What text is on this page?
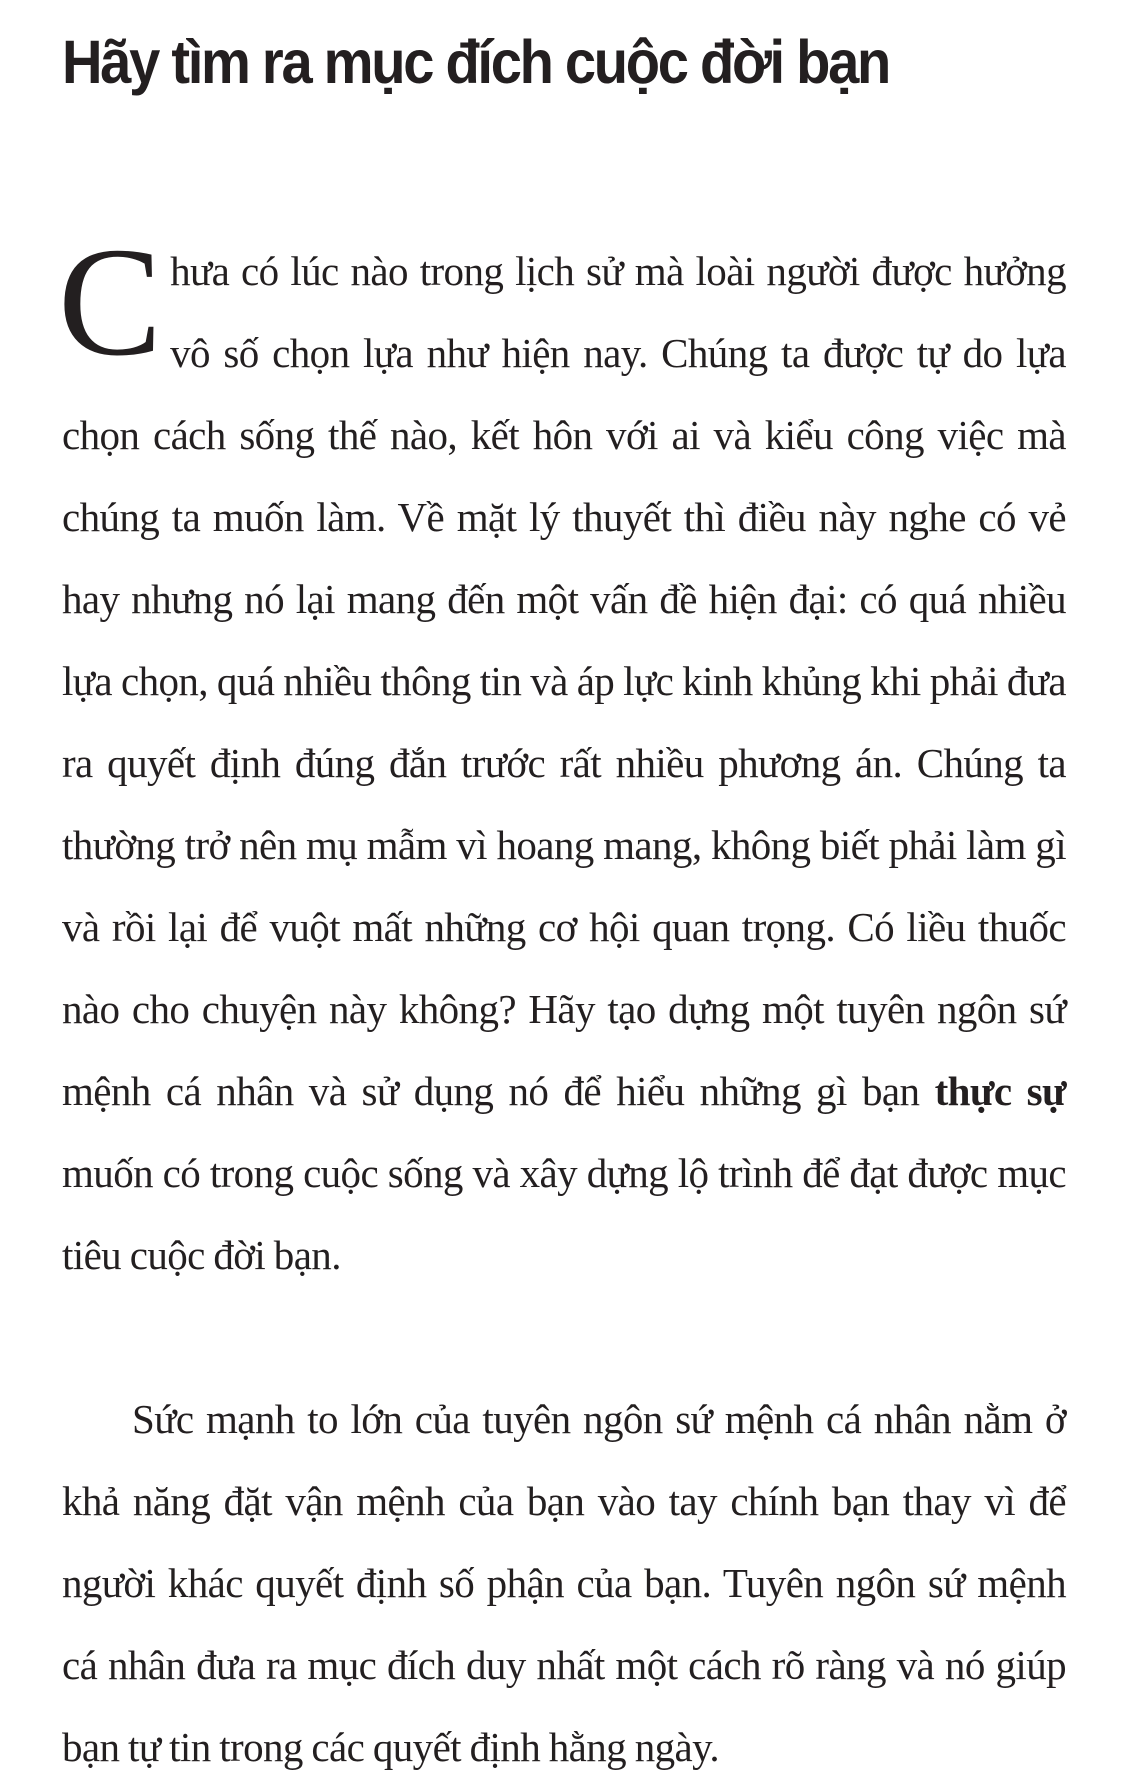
Hãy tìm ra mục đích cuộc đời bạn

Chưa có lúc nào trong lịch sử mà loài người được hưởng vô số chọn lựa như hiện nay. Chúng ta được tự do lựa chọn cách sống thế nào, kết hôn với ai và kiểu công việc mà chúng ta muốn làm. Về mặt lý thuyết thì điều này nghe có vẻ hay nhưng nó lại mang đến một vấn đề hiện đại: có quá nhiều lựa chọn, quá nhiều thông tin và áp lực kinh khủng khi phải đưa ra quyết định đúng đắn trước rất nhiều phương án. Chúng ta thường trở nên mụ mẫm vì hoang mang, không biết phải làm gì và rồi lại để vuột mất những cơ hội quan trọng. Có liều thuốc nào cho chuyện này không? Hãy tạo dựng một tuyên ngôn sứ mệnh cá nhân và sử dụng nó để hiểu những gì bạn thực sự muốn có trong cuộc sống và xây dựng lộ trình để đạt được mục tiêu cuộc đời bạn.

Sức mạnh to lớn của tuyên ngôn sứ mệnh cá nhân nằm ở khả năng đặt vận mệnh của bạn vào tay chính bạn thay vì để người khác quyết định số phận của bạn. Tuyên ngôn sứ mệnh cá nhân đưa ra mục đích duy nhất một cách rõ ràng và nó giúp bạn tự tin trong các quyết định hằng ngày.
